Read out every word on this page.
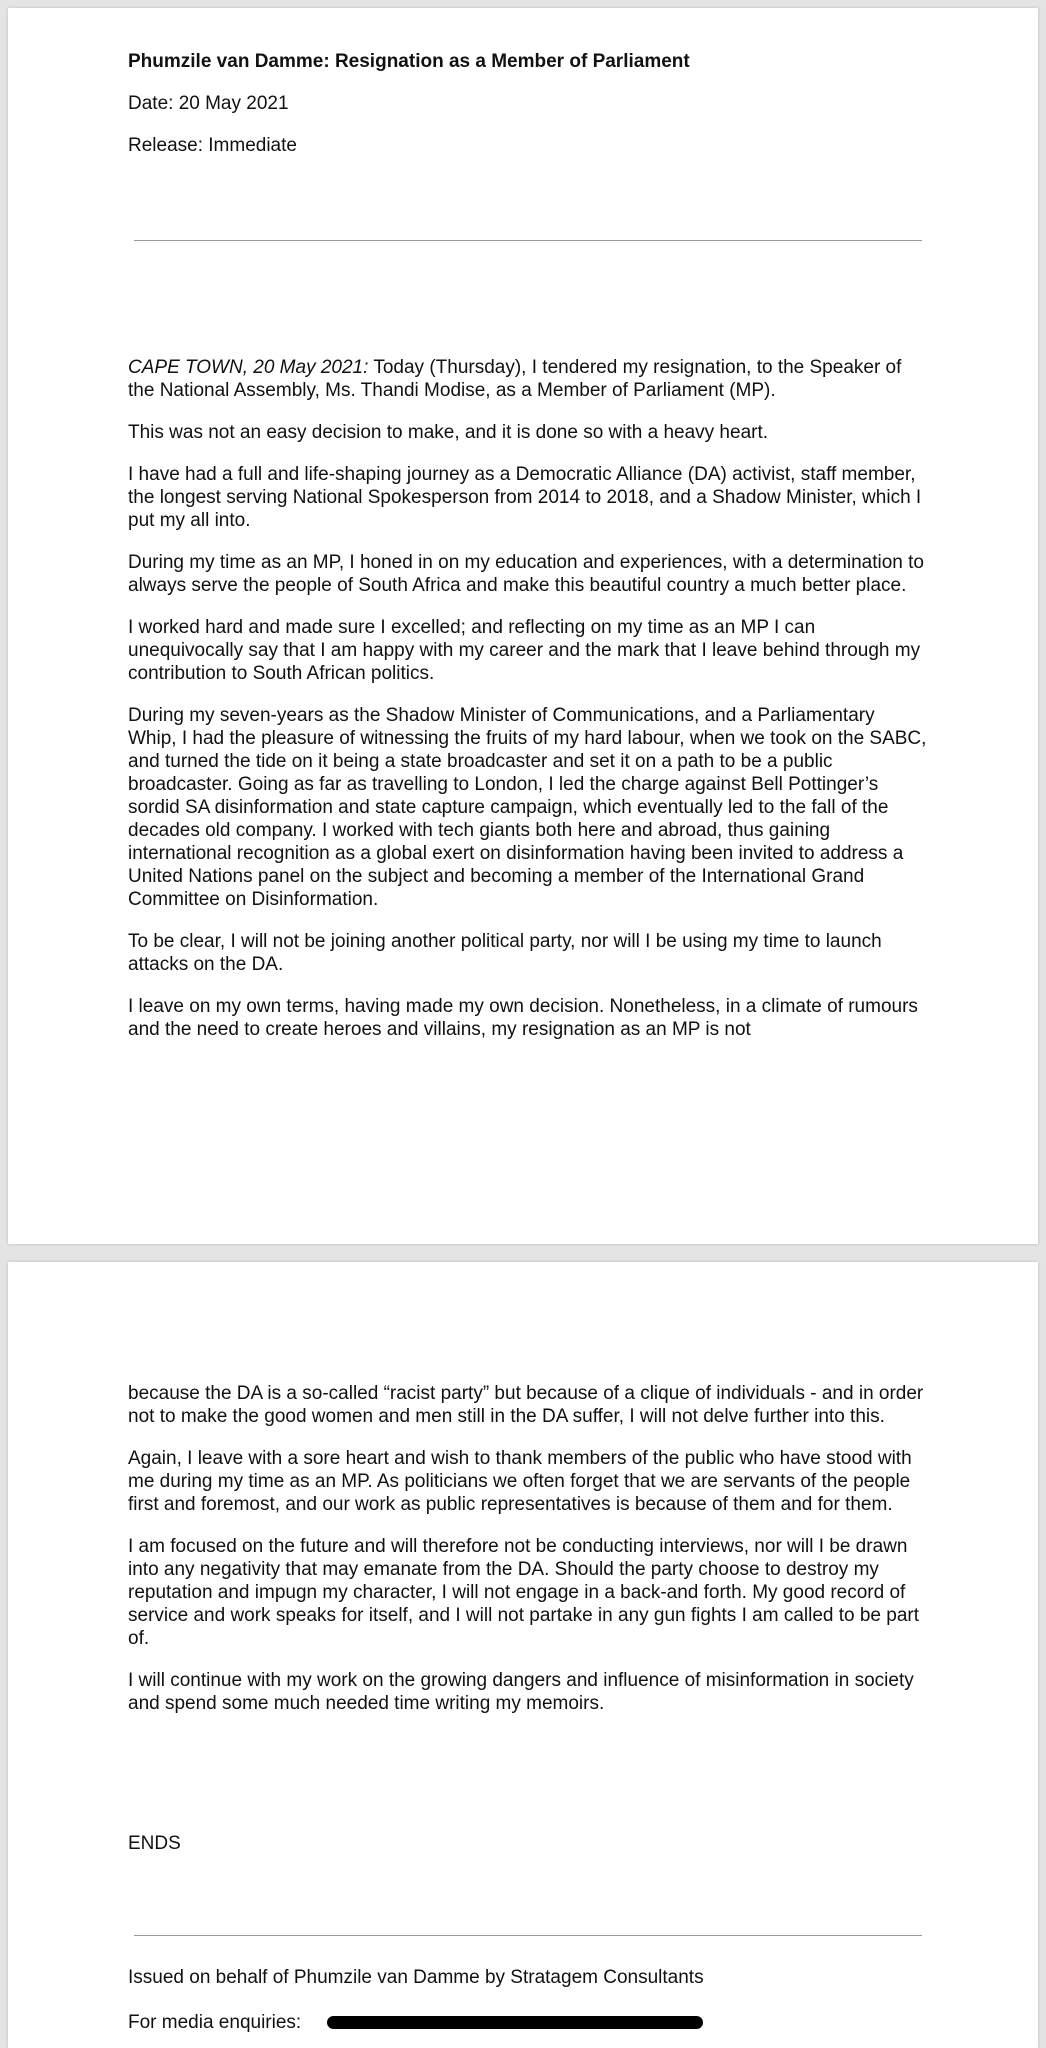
Phumzile van Damme: Resignation as a Member of Parliament

Date: 20 May 2021

Release: Immediate

CAPE TOWN, 20 May 2021: Today (Thursday), I tendered my resignation, to the Speaker of the National Assembly, Ms. Thandi Modise, as a Member of Parliament (MP).

This was not an easy decision to make, and it is done so with a heavy heart.

I have had a full and life-shaping journey as a Democratic Alliance (DA) activist, staff member, the longest serving National Spokesperson from 2014 to 2018, and a Shadow Minister, which I put my all into.

During my time as an MP, I honed in on my education and experiences, with a determination to always serve the people of South Africa and make this beautiful country a much better place.

I worked hard and made sure I excelled; and reflecting on my time as an MP I can unequivocally say that I am happy with my career and the mark that I leave behind through my contribution to South African politics.

During my seven-years as the Shadow Minister of Communications, and a Parliamentary Whip, I had the pleasure of witnessing the fruits of my hard labour, when we took on the SABC, and turned the tide on it being a state broadcaster and set it on a path to be a public broadcaster. Going as far as travelling to London, I led the charge against Bell Pottinger’s sordid SA disinformation and state capture campaign, which eventually led to the fall of the decades old company. I worked with tech giants both here and abroad, thus gaining international recognition as a global exert on disinformation having been invited to address a United Nations panel on the subject and becoming a member of the International Grand Committee on Disinformation.

To be clear, I will not be joining another political party, nor will I be using my time to launch attacks on the DA.

I leave on my own terms, having made my own decision. Nonetheless, in a climate of rumours and the need to create heroes and villains, my resignation as an MP is not

because the DA is a so-called “racist party” but because of a clique of individuals - and in order not to make the good women and men still in the DA suffer, I will not delve further into this.

Again, I leave with a sore heart and wish to thank members of the public who have stood with me during my time as an MP. As politicians we often forget that we are servants of the people first and foremost, and our work as public representatives is because of them and for them.

I am focused on the future and will therefore not be conducting interviews, nor will I be drawn into any negativity that may emanate from the DA. Should the party choose to destroy my reputation and impugn my character, I will not engage in a back-and forth. My good record of service and work speaks for itself, and I will not partake in any gun fights I am called to be part of.

I will continue with my work on the growing dangers and influence of misinformation in society and spend some much needed time writing my memoirs.

ENDS

Issued on behalf of Phumzile van Damme by Stratagem Consultants

For media enquiries:
